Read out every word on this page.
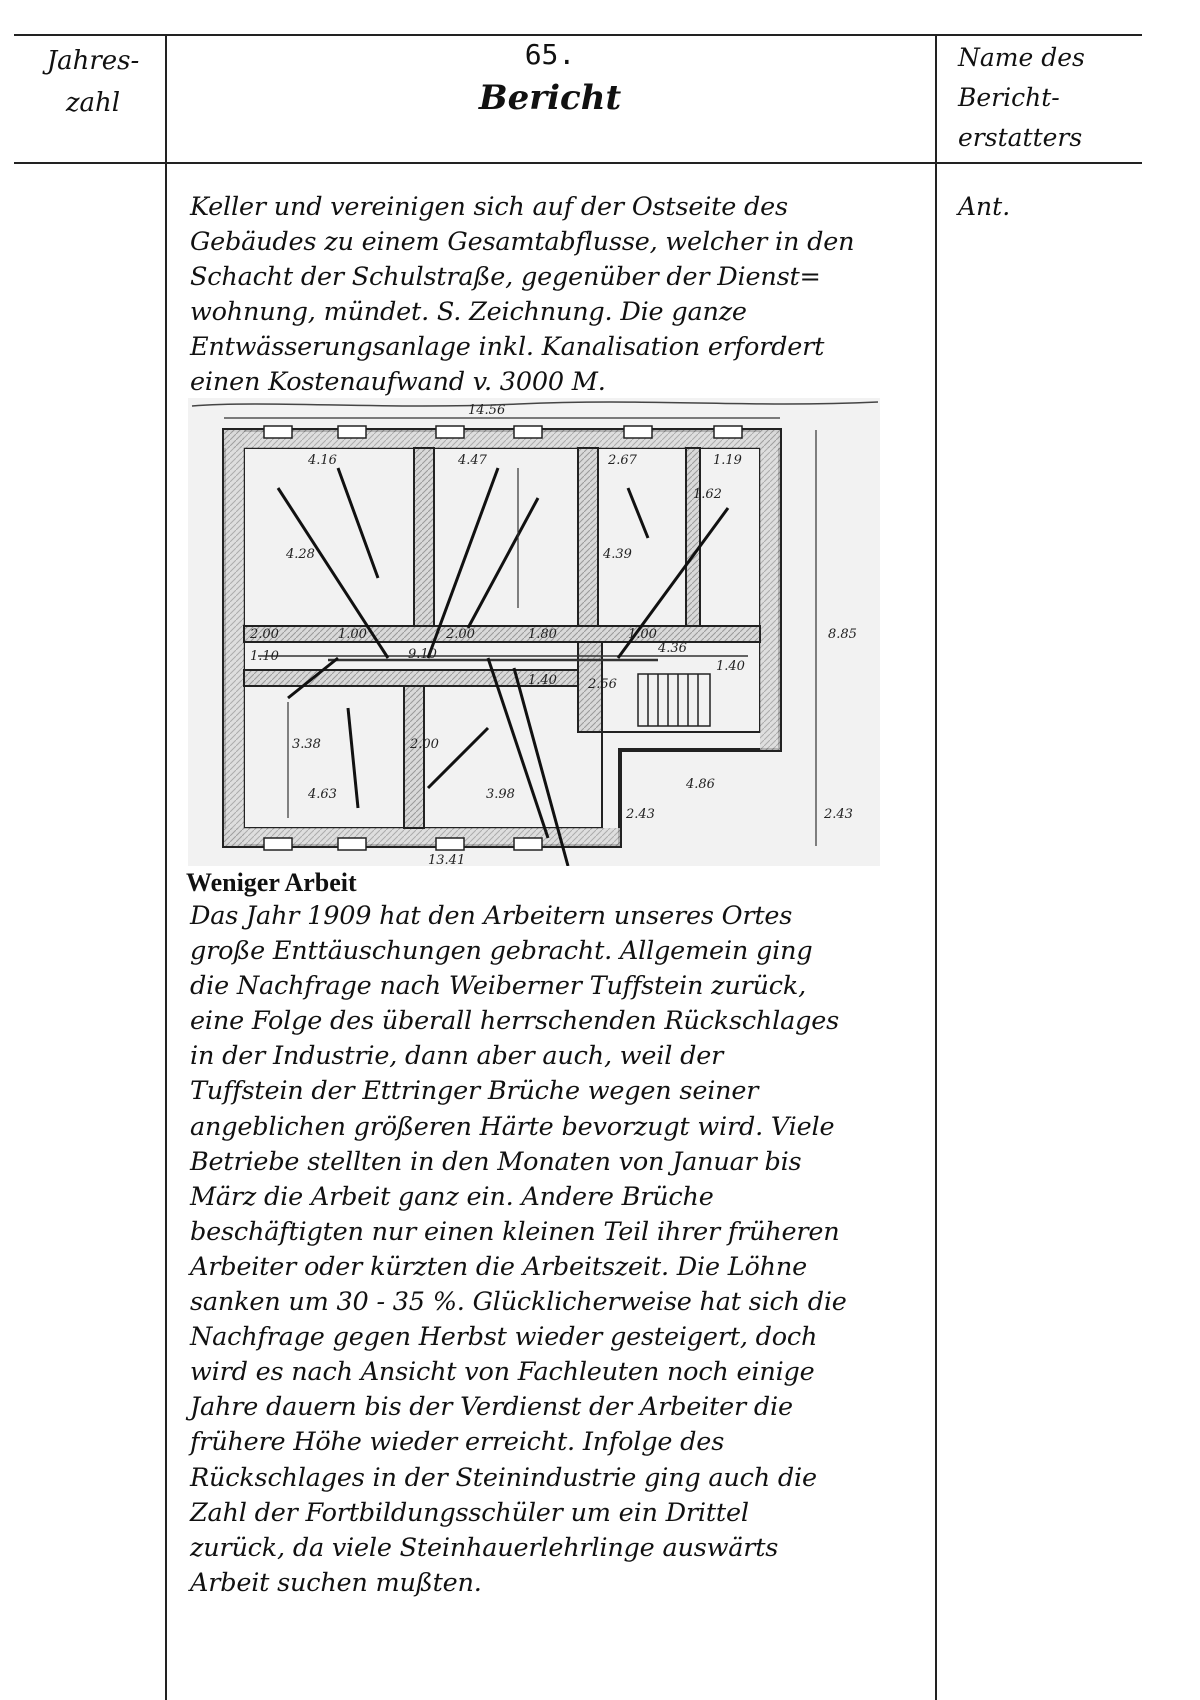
Jahres-
zahl
65.
Bericht
Name des
Bericht-
erstatters
Ant.
Keller und vereinigen sich auf der Ostseite des
Gebäudes zu einem Gesamtabflusse, welcher in den
Schacht der Schulstraße, gegenüber der Dienst=
wohnung, mündet. S. Zeichnung. Die ganze
Entwässerungsanlage inkl. Kanalisation erfordert
einen Kostenaufwand v. 3000 M.
14.56
4.16	4.47	2.67	1.19
4.28	4.39
1.62
2.00	1.00	2.00	1.80	1.00
9.10	4.36
1.40
8.85
1.10
1.40 2.56
3.38	2.00
4.63	3.98
4.86
2.43	2.43
13.41
Weniger Arbeit
Das Jahr 1909 hat den Arbeitern unseres Ortes
große Enttäuschungen gebracht. Allgemein ging
die Nachfrage nach Weiberner Tuffstein zurück,
eine Folge des überall herrschenden Rückschlages
in der Industrie, dann aber auch, weil der
Tuffstein der Ettringer Brüche wegen seiner
angeblichen größeren Härte bevorzugt wird. Viele
Betriebe stellten in den Monaten von Januar bis
März die Arbeit ganz ein. Andere Brüche
beschäftigten nur einen kleinen Teil ihrer früheren
Arbeiter oder kürzten die Arbeitszeit. Die Löhne
sanken um 30 - 35 %. Glücklicherweise hat sich die
Nachfrage gegen Herbst wieder gesteigert, doch
wird es nach Ansicht von Fachleuten noch einige
Jahre dauern bis der Verdienst der Arbeiter die
frühere Höhe wieder erreicht. Infolge des
Rückschlages in der Steinindustrie ging auch die
Zahl der Fortbildungsschüler um ein Drittel
zurück, da viele Steinhauerlehrlinge auswärts
Arbeit suchen mußten.
